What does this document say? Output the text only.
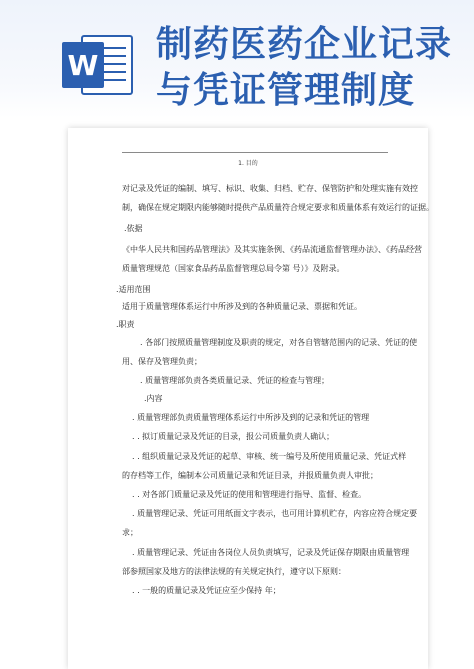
W
制药医药企业记录
与凭证管理制度
1. 目的
对记录及凭证的编制、填写、标识、收集、归档、贮存、保管防护和处理实施有效控
制，确保在规定期限内能够随时提供产品质量符合规定要求和质量体系有效运行的证据。
.依据
《中华人民共和国药品管理法》及其实施条例、《药品流通监督管理办法》、《药品经营
质量管理规范（国家食品药品监督管理总局令第 号）》及附录。
.适用范围
适用于质量管理体系运行中所涉及到的各种质量记录、票据和凭证。
.职责
. 各部门按照质量管理制度及职责的规定，对各自管辖范围内的记录、凭证的使
用、保存及管理负责；
. 质量管理部负责各类质量记录、凭证的检查与管理；
.内容
. 质量管理部负责质量管理体系运行中所涉及到的记录和凭证的管理
. . 拟订质量记录及凭证的目录，报公司质量负责人确认；
. . 组织质量记录及凭证的起草、审核、统一编号及所使用质量记录、凭证式样
的存档等工作，编制本公司质量记录和凭证目录，并报质量负责人审批；
. . 对各部门质量记录及凭证的使用和管理进行指导、监督、检查。
. 质量管理记录、凭证可用纸面文字表示，也可用计算机贮存，内容应符合规定要
求；
. 质量管理记录、凭证由各岗位人员负责填写，记录及凭证保存期限由质量管理
部参照国家及地方的法律法规的有关规定执行，遵守以下原则：
. . 一般的质量记录及凭证应至少保持 年；
